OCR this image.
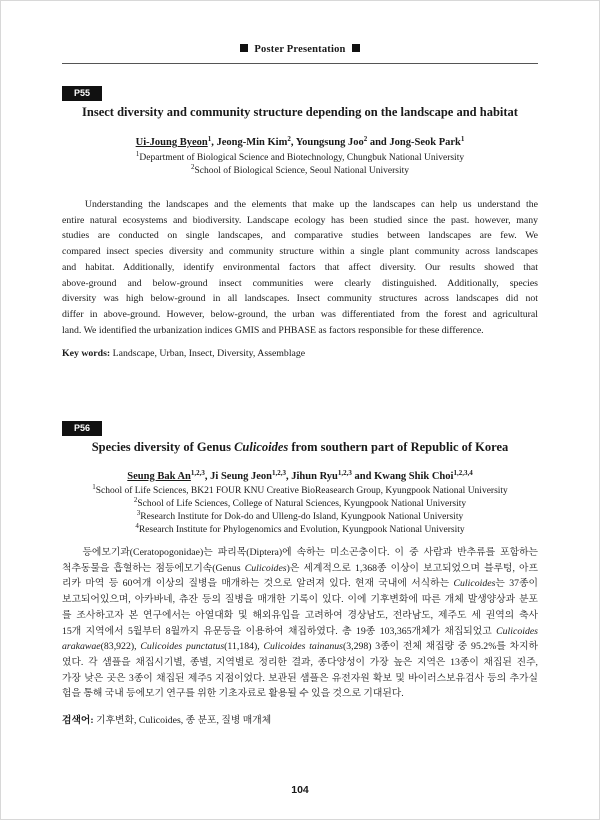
Poster Presentation
P55
Insect diversity and community structure depending on the landscape and habitat
Ui-Joung Byeon$^1$, Jeong-Min Kim$^2$, Youngsung Joo$^2$ and Jong-Seok Park$^1$
$^1$Department of Biological Science and Biotechnology, Chungbuk National University
$^2$School of Biological Science, Seoul National University
Understanding the landscapes and the elements that make up the landscapes can help us understand the
entire natural ecosystems and biodiversity. Landscape ecology has been studied since the past. however, many
studies are conducted on single landscapes, and comparative studies between landscapes are few. We
compared insect species diversity and community structure within a single plant community across landscapes
and habitat. Additionally, identify environmental factors that affect diversity. Our results showed that
above-ground and below-ground insect communities were clearly distinguished. Additionally, species
diversity was high below-ground in all landscapes. Insect community structures across landscapes did not
differ in above-ground. However, below-ground, the urban was differentiated from the forest and agricultural
land. We identified the urbanization indices GMIS and PHBASE as factors responsible for these difference.
Key words: Landscape, Urban, Insect, Diversity, Assemblage
P56
Species diversity of Genus Culicoides from southern part of Republic of Korea
Seung Bak An$^{1,2,3}$, Ji Seung Jeon$^{1,2,3}$, Jihun Ryu$^{1,2,3}$ and Kwang Shik Choi$^{1,2,3,4}$
$^1$School of Life Sciences, BK21 FOUR KNU Creative BioReasearch Group, Kyungpook National University
$^2$School of Life Sciences, College of Natural Sciences, Kyungpook National University
$^3$Research Institute for Dok-do and Ulleng-do Island, Kyungpook National University
$^4$Research Institute for Phylogenomics and Evolution, Kyungpook National University
등에모기과(Ceratopogonidae)는 파리목(Diptera)에 속하는 미소곤충이다. 이 중 사람과 반추류를 포함하는
척추동물을 흡혈하는 점등에모기속(Genus Culicoides)은 세계적으로 1,368종 이상이 보고되었으며 블루텅, 아프
리카 마역 등 60여개 이상의 질병을 매개하는 것으로 알려져 있다. 현재 국내에 서식하는 Culicoides는 37종이
보고되어있으며, 아카바네, 츄잔 등의 질병을 매개한 기록이 있다. 이에 기후변화에 따른 개체 발생양상과 분포
를 조사하고자 본 연구에서는 아열대화 및 해외유입을 고려하여 경상남도, 전라남도, 제주도 세 권역의 축사
15개 지역에서 5월부터 8월까지 유문등을 이용하여 채집하였다. 총 19종 103,365개체가 채집되었고 Culicoides
arakawae(83,922), Culicoides punctatus(11,184), Culicoides tainanus(3,298) 3종이 전체 채집량 중 95.2%를 차지하
였다. 각 샘플을 채집시기별, 종별, 지역별로 정리한 결과, 종다양성이 가장 높은 지역은 13종이 채집된 진주,
가장 낮은 곳은 3종이 채집된 제주5 지점이었다. 보관된 샘플은 유전자원 확보 및 바이러스보유검사 등의 추가실
험을 통해 국내 등에모기 연구를 위한 기초자료로 활용될 수 있을 것으로 기대된다.
검색어: 기후변화, Culicoides, 종 분포, 질병 매개체
104
